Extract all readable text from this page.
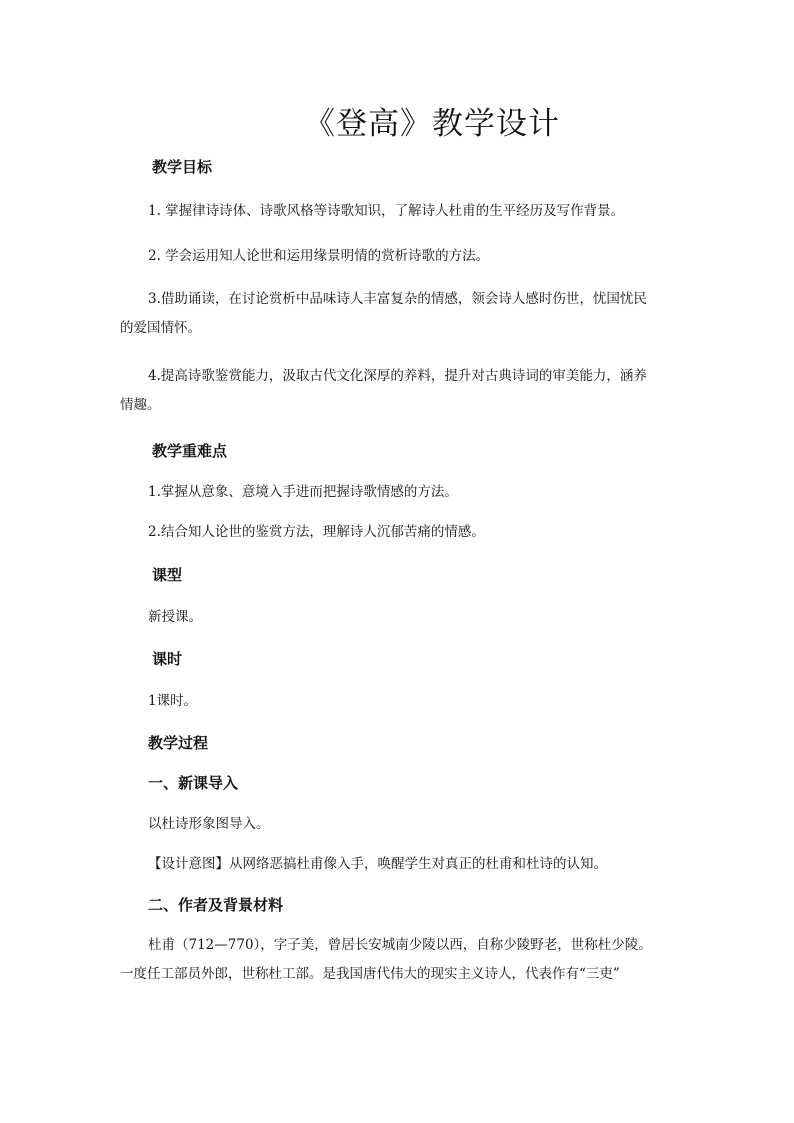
《登高》教学设计
教学目标

1. 掌握律诗诗体、诗歌风格等诗歌知识，了解诗人杜甫的生平经历及写作背景。

2. 学会运用知人论世和运用缘景明情的赏析诗歌的方法。

3.借助诵读，在讨论赏析中品味诗人丰富复杂的情感，领会诗人感时伤世，忧国忧民的爱国情怀。

4.提高诗歌鉴赏能力，汲取古代文化深厚的养料，提升对古典诗词的审美能力，涵养情趣。

教学重难点

1.掌握从意象、意境入手进而把握诗歌情感的方法。

2.结合知人论世的鉴赏方法，理解诗人沉郁苦痛的情感。

课型

新授课。

课时

1课时。

教学过程
一、新课导入

以杜诗形象图导入。

【设计意图】从网络恶搞杜甫像入手，唤醒学生对真正的杜甫和杜诗的认知。

二、作者及背景材料

杜甫（712—770），字子美，曾居长安城南少陵以西，自称少陵野老，世称杜少陵。一度任工部员外郎，世称杜工部。是我国唐代伟大的现实主义诗人，代表作有“三吏”
